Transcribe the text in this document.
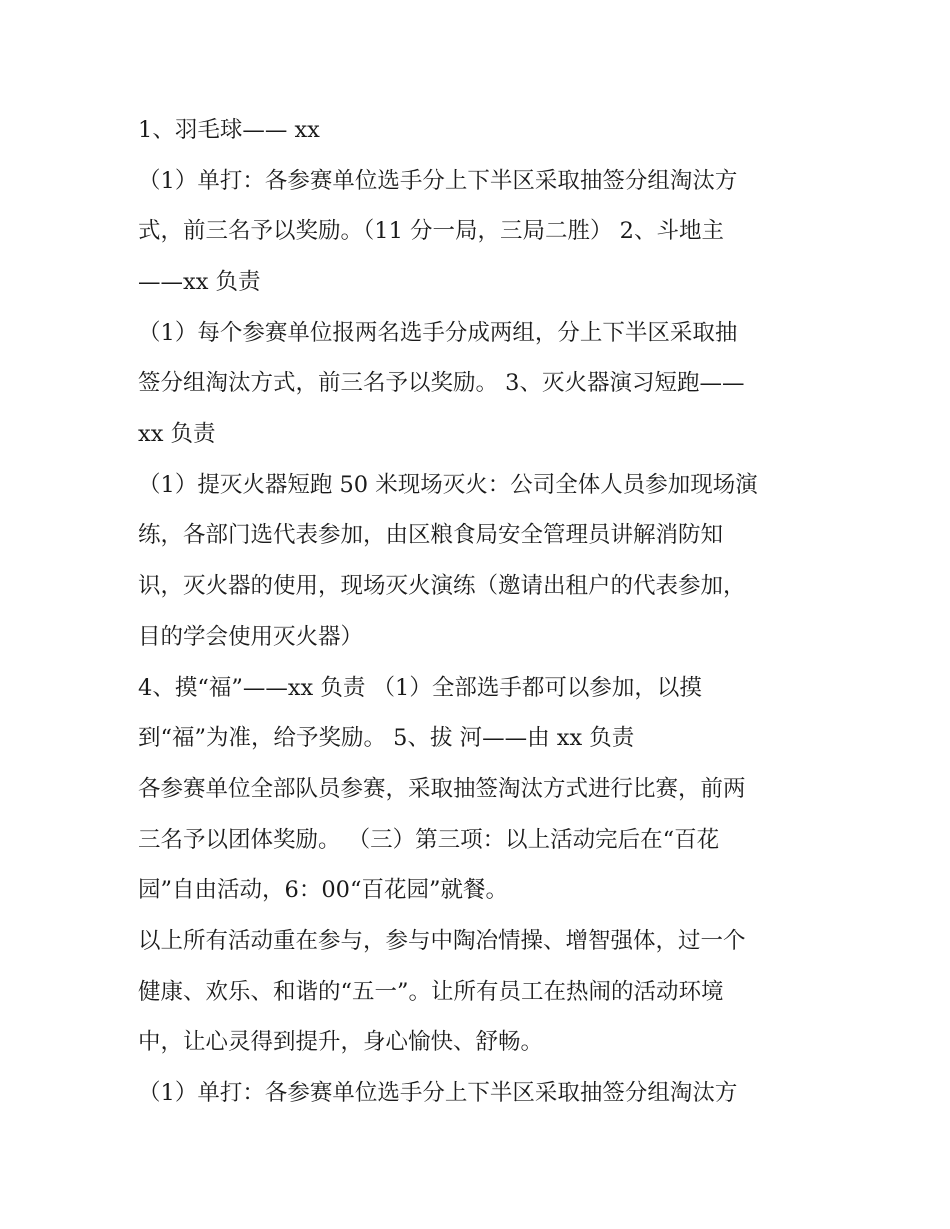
1、羽毛球—— xx
（1）单打：各参赛单位选手分上下半区采取抽签分组淘汰方
式，前三名予以奖励。（11 分一局，三局二胜） 2、斗地主
——xx 负责
（1）每个参赛单位报两名选手分成两组，分上下半区采取抽
签分组淘汰方式，前三名予以奖励。 3、灭火器演习短跑——
xx 负责
（1）提灭火器短跑 50 米现场灭火：公司全体人员参加现场演
练，各部门选代表参加，由区粮食局安全管理员讲解消防知
识，灭火器的使用，现场灭火演练（邀请出租户的代表参加，
目的学会使用灭火器）
4、摸“福”——xx 负责 （1）全部选手都可以参加，以摸
到“福”为准，给予奖励。 5、拔 河——由 xx 负责
各参赛单位全部队员参赛，采取抽签淘汰方式进行比赛，前两
三名予以团体奖励。 （三）第三项：以上活动完后在“百花
园”自由活动，6：00“百花园”就餐。
以上所有活动重在参与，参与中陶冶情操、增智强体，过一个
健康、欢乐、和谐的“五一”。让所有员工在热闹的活动环境
中，让心灵得到提升，身心愉快、舒畅。
（1）单打：各参赛单位选手分上下半区采取抽签分组淘汰方
